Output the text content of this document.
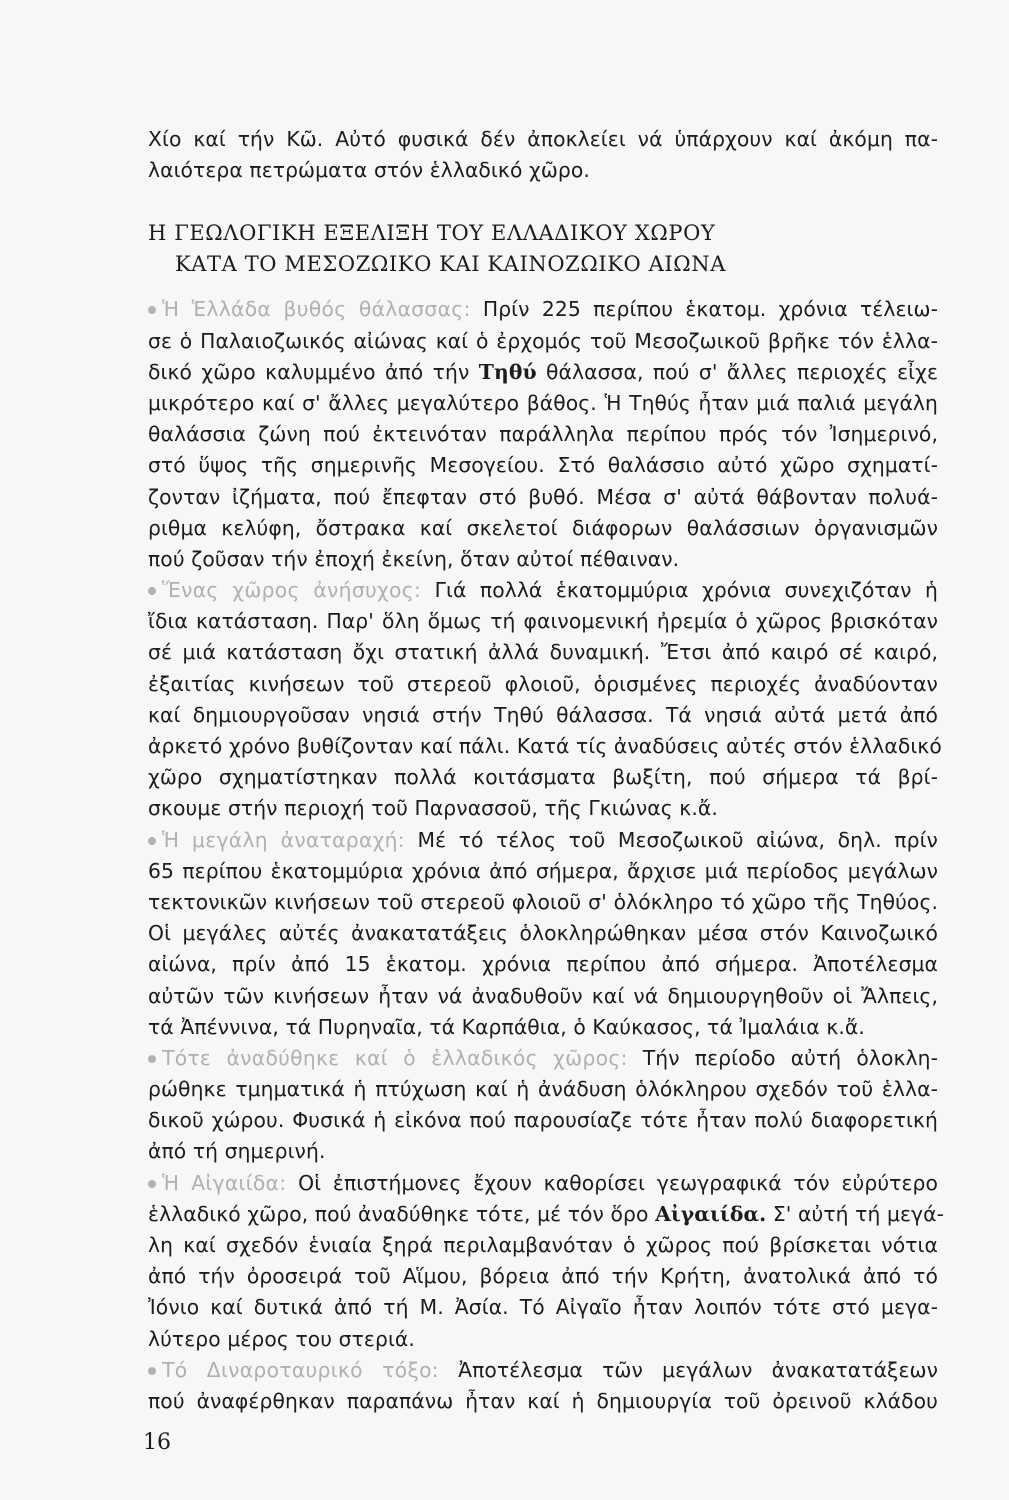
Χίο καί τήν Κῶ. Αὐτό φυσικά δέν ἀποκλείει νά ὑπάρχουν καί ἀκόμη πα-
λαιότερα πετρώματα στόν ἑλλαδικό χῶρο.
Η ΓΕΩΛΟΓΙΚΗ ΕΞΕΛΙΞΗ ΤΟΥ ΕΛΛΑΔΙΚΟΥ ΧΩΡΟΥ
ΚΑΤΑ ΤΟ ΜΕΣΟΖΩΙΚΟ ΚΑΙ ΚΑΙΝΟΖΩΙΚΟ ΑΙΩΝΑ
Ἡ Ἑλλάδα βυθός θάλασσας: Πρίν 225 περίπου ἑκατομ. χρόνια τέλειω-
σε ὁ Παλαιοζωικός αἰώνας καί ὁ ἐρχομός τοῦ Μεσοζωικοῦ βρῆκε τόν ἑλλα-
δικό χῶρο καλυμμένο ἀπό τήν Τηθύ θάλασσα, πού σ' ἄλλες περιοχές εἶχε
μικρότερο καί σ' ἄλλες μεγαλύτερο βάθος. Ἡ Τηθύς ἦταν μιά παλιά μεγάλη
θαλάσσια ζώνη πού ἐκτεινόταν παράλληλα περίπου πρός τόν Ἰσημερινό,
στό ὕψος τῆς σημερινῆς Μεσογείου. Στό θαλάσσιο αὐτό χῶρο σχηματί-
ζονταν ἰζήματα, πού ἔπεφταν στό βυθό. Μέσα σ' αὐτά θάβονταν πολυά-
ριθμα κελύφη, ὄστρακα καί σκελετοί διάφορων θαλάσσιων ὀργανισμῶν
πού ζοῦσαν τήν ἐποχή ἐκείνη, ὅταν αὐτοί πέθαιναν.
Ἕνας χῶρος ἀνήσυχος: Γιά πολλά ἑκατομμύρια χρόνια συνεχιζόταν ἡ
ἴδια κατάσταση. Παρ' ὅλη ὅμως τή φαινομενική ἠρεμία ὁ χῶρος βρισκόταν
σέ μιά κατάσταση ὄχι στατική ἀλλά δυναμική. Ἔτσι ἀπό καιρό σέ καιρό,
ἐξαιτίας κινήσεων τοῦ στερεοῦ φλοιοῦ, ὁρισμένες περιοχές ἀναδύονταν
καί δημιουργοῦσαν νησιά στήν Τηθύ θάλασσα. Τά νησιά αὐτά μετά ἀπό
ἀρκετό χρόνο βυθίζονταν καί πάλι. Κατά τίς ἀναδύσεις αὐτές στόν ἑλλαδικό
χῶρο σχηματίστηκαν πολλά κοιτάσματα βωξίτη, πού σήμερα τά βρί-
σκουμε στήν περιοχή τοῦ Παρνασσοῦ, τῆς Γκιώνας κ.ἄ.
Ἡ μεγάλη ἀναταραχή: Μέ τό τέλος τοῦ Μεσοζωικοῦ αἰώνα, δηλ. πρίν
65 περίπου ἑκατομμύρια χρόνια ἀπό σήμερα, ἄρχισε μιά περίοδος μεγάλων
τεκτονικῶν κινήσεων τοῦ στερεοῦ φλοιοῦ σ' ὁλόκληρο τό χῶρο τῆς Τηθύος.
Οἱ μεγάλες αὐτές ἀνακατατάξεις ὁλοκληρώθηκαν μέσα στόν Καινοζωικό
αἰώνα, πρίν ἀπό 15 ἑκατομ. χρόνια περίπου ἀπό σήμερα. Ἀποτέλεσμα
αὐτῶν τῶν κινήσεων ἦταν νά ἀναδυθοῦν καί νά δημιουργηθοῦν οἱ Ἄλπεις,
τά Ἀπέννινα, τά Πυρηναῖα, τά Καρπάθια, ὁ Καύκασος, τά Ἰμαλάια κ.ἄ.
Τότε ἀναδύθηκε καί ὁ ἑλλαδικός χῶρος: Τήν περίοδο αὐτή ὁλοκλη-
ρώθηκε τμηματικά ἡ πτύχωση καί ἡ ἀνάδυση ὁλόκληρου σχεδόν τοῦ ἑλλα-
δικοῦ χώρου. Φυσικά ἡ εἰκόνα πού παρουσίαζε τότε ἦταν πολύ διαφορετική
ἀπό τή σημερινή.
Ἡ Αἰγαιίδα: Οἱ ἐπιστήμονες ἔχουν καθορίσει γεωγραφικά τόν εὐρύτερο
ἑλλαδικό χῶρο, πού ἀναδύθηκε τότε, μέ τόν ὅρο Αἰγαιίδα. Σ' αὐτή τή μεγά-
λη καί σχεδόν ἑνιαία ξηρά περιλαμβανόταν ὁ χῶρος πού βρίσκεται νότια
ἀπό τήν ὀροσειρά τοῦ Αἵμου, βόρεια ἀπό τήν Κρήτη, ἀνατολικά ἀπό τό
Ἰόνιο καί δυτικά ἀπό τή Μ. Ἀσία. Τό Αἰγαῖο ἦταν λοιπόν τότε στό μεγα-
λύτερο μέρος του στεριά.
Τό Διναροταυρικό τόξο: Ἀποτέλεσμα τῶν μεγάλων ἀνακατατάξεων
πού ἀναφέρθηκαν παραπάνω ἦταν καί ἡ δημιουργία τοῦ ὀρεινοῦ κλάδου
16
